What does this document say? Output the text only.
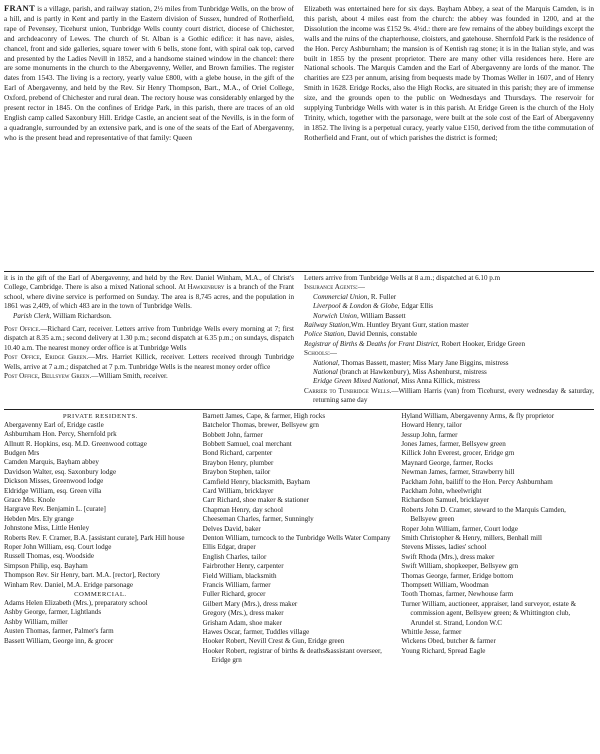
FRANT is a village, parish, and railway station, 2½ miles from Tunbridge Wells, on the brow of a hill, and is partly in Kent and partly in the Eastern division of Sussex, hundred of Rotherfield, rape of Pevensey, Ticehurst union, Tunbridge Wells county court district, diocese of Chichester, and archdeaconry of Lewes. The church of St. Alban is a Gothic edifice: it has nave, aisles, chancel, front and side galleries, square tower with 6 bells, stone font, with spiral oak top, carved and presented by the Ladies Nevill in 1852, and a handsome stained window in the chancel: there are some monuments in the church to the Abergavenny, Weller, and Brown families. The register dates from 1543. The living is a rectory, yearly value £800, with a glebe house, in the gift of the Earl of Abergavenny, and held by the Rev. Sir Henry Thompson, Bart., M.A., of Oriel College, Oxford, prebend of Chichester and rural dean. The rectory house was considerably enlarged by the present rector in 1845. On the confines of Eridge Park, in this parish, there are traces of an old English camp called Saxonbury Hill. Eridge Castle, an ancient seat of the Nevills, is in the form of a quadrangle, surrounded by an extensive park, and is one of the seats of the Earl of Abergavenny, who is the present head and representative of that family: Queen

Elizabeth was entertained here for six days. Bayham Abbey, a seat of the Marquis Camden, is in this parish, about 4 miles east from the church: the abbey was founded in 1200, and at the Dissolution the income was £152 9s. 4½d.: there are few remains of the abbey buildings except the walls and the ruins of the chapterhouse, cloisters, and gatehouse. Shernfold Park is the residence of the Hon. Percy Ashburnham; the mansion is of Kentish rag stone; it is in the Italian style, and was built in 1855 by the present proprietor. There are many other villa residences here. Here are National schools. The Marquis Camden and the Earl of Abergavenny are lords of the manor. The charities are £23 per annum, arising from bequests made by Thomas Weller in 1607, and of Henry Smith in 1628. Eridge Rocks, also the High Rocks, are situated in this parish; they are of immense size, and the grounds open to the public on Wednesdays and Thursdays. The reservoir for supplying Tunbridge Wells with water is in this parish. At Eridge Green is the church of the Holy Trinity, which, together with the parsonage, were built at the sole cost of the Earl of Abergavenny in 1852. The living is a perpetual curacy, yearly value £150, derived from the tithe commutation of Rotherfield and Frant, out of which parishes the district is formed;

it is in the gift of the Earl of Abergavenny, and held by the Rev. Daniel Winham, M.A., of Christ's College, Cambridge. There is also a mixed National school. At Hawkenbury is a branch of the Frant school, where divine service is performed on Sunday. The area is 8,745 acres, and the population in 1861 was 2,409, of which 483 are in the town of Tunbridge Wells.

Parish Clerk, William Richardson.

Post Office.—Richard Carr, receiver. Letters arrive from Tunbridge Wells every morning at 7; first dispatch at 8.35 a.m.; second delivery at 1.30 p.m.; second dispatch at 6.35 p.m.; on sundays, dispatch 10.40 a.m. The nearest money order office is at Tunbridge Wells

Post Office, Eridge Green.—Mrs. Harriet Killick, receiver. Letters received through Tunbridge Wells, arrive at 7 a.m.; dispatched at 7 p.m. Tunbridge Wells is the nearest money order office

Post Office, Bellsyew Green.—William Smith, receiver.

Letters arrive from Tunbridge Wells at 8 a.m.; dispatched at 6.10 p.m

Insurance Agents:—

Commercial Union, R. Fuller
Liverpool & London & Globe, Edgar Ellis
Norwich Union, William Bassett

Railway Station,Wm. Huntley Bryant Gurr, station master

Police Station, David Dennis, constable

Registrar of Births & Deaths for Frant District, Robert Hooker, Eridge Green

Schools:—

National, Thomas Bassett, master; Miss Mary Jane Biggins, mistress
National (branch at Hawkenbury), Miss Ashenhurst, mistress
Eridge Green Mixed National, Miss Anna Killick, mistress

Carrier to Tunbridge Wells.—William Harris (van) from Ticehurst, every wednesday & saturday, returning same day

PRIVATE RESIDENTS.
Abergavenny Earl of, Eridge castle
Ashburnham Hon. Percy, Shernfold prk
Allnutt R. Hopkins, esq. M.D. Greenwood cottage
Budgen Mrs
Camden Marquis, Bayham abbey
Davidson Walter, esq. Saxonbury lodge
Dickson Misses, Greenwood lodge
Eldridge William, esq. Green villa
Grace Mrs. Knole
Hargrave Rev. Benjamin L. [curate]
Hebden Mrs. Ely grange
Johnstone Miss, Little Henley
Roberts Rev. F. Cramer, B.A. [assistant curate], Park Hill house
Roper John William, esq. Court lodge
Russell Thomas, esq. Woodside
Simpson Philip, esq. Bayham
Thompson Rev. Sir Henry, bart. M.A. [rector], Rectory
Winham Rev. Daniel, M.A. Eridge parsonage
COMMERCIAL.
Adams Helen Elizabeth (Mrs.), preparatory school
Ashby George, farmer, Lightlands
Ashby William, miller
Austen Thomas, farmer, Palmer's farm
Bassett William, George inn, & grocer
Barnett James, Cape, & farmer, High rocks
Batchelor Thomas, brewer, Bellsyew grn
Bobbett John, farmer
Bobbett Samuel, coal merchant
Bond Richard, carpenter
Braybon Henry, plumber
Braybon Stephen, tailor
Camfield Henry, blacksmith, Bayham
Card William, bricklayer
Carr Richard, shoe maker & stationer
Chapman Henry, day school
Cheeseman Charles, farmer, Sunningly
Delves David, baker
Denton William, turncock to the Tunbridge Wells Water Company
Ellis Edgar, draper
English Charles, tailor
Fairbrother Henry, carpenter
Field William, blacksmith
Francis William, farmer
Fuller Richard, grocer
Gilbert Mary (Mrs.), dress maker
Gregory (Mrs.), dress maker
Grisham Adam, shoe maker
Hawes Oscar, farmer, Tuddles village
Hooker Robert, Nevill Crest & Gun, Eridge green
Hooker Robert, registrar of births & deaths&assistant overseer, Eridge grn
Hyland William, Abergavenny Arms, & fly proprietor
Howard Henry, tailor
Jessup John, farmer
Jones James, farmer, Bellsyew green
Killick John Everest, grocer, Eridge grn
Maynard George, farmer, Rocks
Newman James, farmer, Strawberry hill
Packham John, bailiff to the Hon. Percy Ashburnham
Packham John, wheelwright
Richardson Samuel, bricklayer
Roberts John D. Cramer, steward to the Marquis Camden, Bellsyew green
Roper John William, farmer, Court lodge
Smith Christopher & Henry, millers, Benhall mill
Stevens Misses, ladies' school
Swift Rhoda (Mrs.), dress maker
Swift William, shopkeeper, Bellsyew grn
Thomas George, farmer, Eridge bottom
Thompsett William, Woodman
Tooth Thomas, farmer, Newhouse farm
Turner William, auctioneer, appraiser, land surveyor, estate & commission agent, Bellsyew green; & Whittington club, Arundel st. Strand, London W.C
Whittle Jesse, farmer
Wickens Obed, butcher & farmer
Young Richard, Spread Eagle
